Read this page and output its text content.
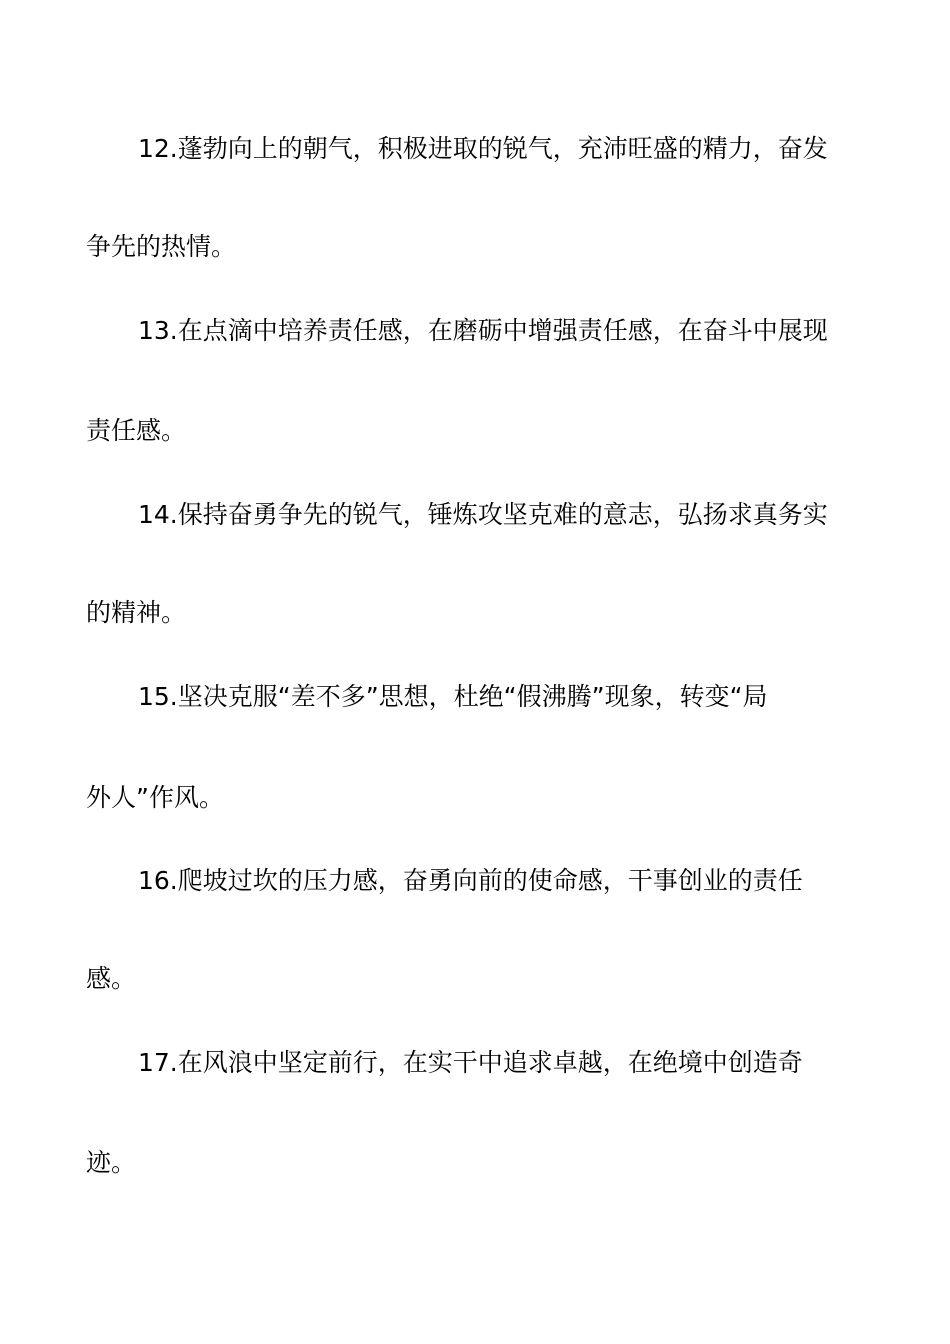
12.蓬勃向上的朝气，积极进取的锐气，充沛旺盛的精力，奋发
争先的热情。
13.在点滴中培养责任感，在磨砺中增强责任感，在奋斗中展现
责任感。
14.保持奋勇争先的锐气，锤炼攻坚克难的意志，弘扬求真务实
的精神。
15.坚决克服“差不多”思想，杜绝“假沸腾”现象，转变“局
外人”作风。
16.爬坡过坎的压力感，奋勇向前的使命感，干事创业的责任
感。
17.在风浪中坚定前行，在实干中追求卓越，在绝境中创造奇
迹。
